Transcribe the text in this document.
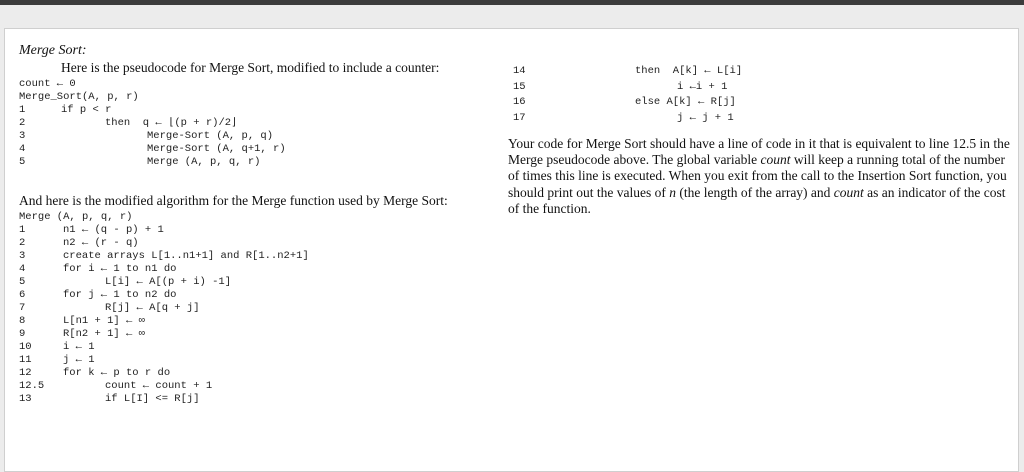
Merge Sort:
Here is the pseudocode for Merge Sort, modified to include a counter:
count ← 0
Merge_Sort(A, p, r)
1	if p < r
2	then  q ← ⌊(p + r)/2⌋
3	Merge-Sort (A, p, q)
4	Merge-Sort (A, q+1, r)
5	Merge (A, p, q, r)
And here is the modified algorithm for the Merge function used by Merge Sort:
Merge (A, p, q, r)
1	n1 ← (q - p) + 1
2	n2 ← (r - q)
3	create arrays L[1..n1+1] and R[1..n2+1]
4	for i ← 1 to n1 do
5	L[i] ← A[(p + i) -1]
6	for j ← 1 to n2 do
7	R[j] ← A[q + j]
8	L[n1 + 1] ← ∞
9	R[n2 + 1] ← ∞
10	i ← 1
11	j ← 1
12	for k ← p to r do
12.5	count ← count + 1
13	if L[I] <= R[j]
14	then  A[k] ← L[i]
15	i ←i + 1
16	else A[k] ← R[j]
17	j ← j + 1
Your code for Merge Sort should have a line of code in it that is equivalent to line 12.5 in the Merge pseudocode above. The global variable count will keep a running total of the number of times this line is executed. When you exit from the call to the Insertion Sort function, you should print out the values of n (the length of the array) and count as an indicator of the cost of the function.
